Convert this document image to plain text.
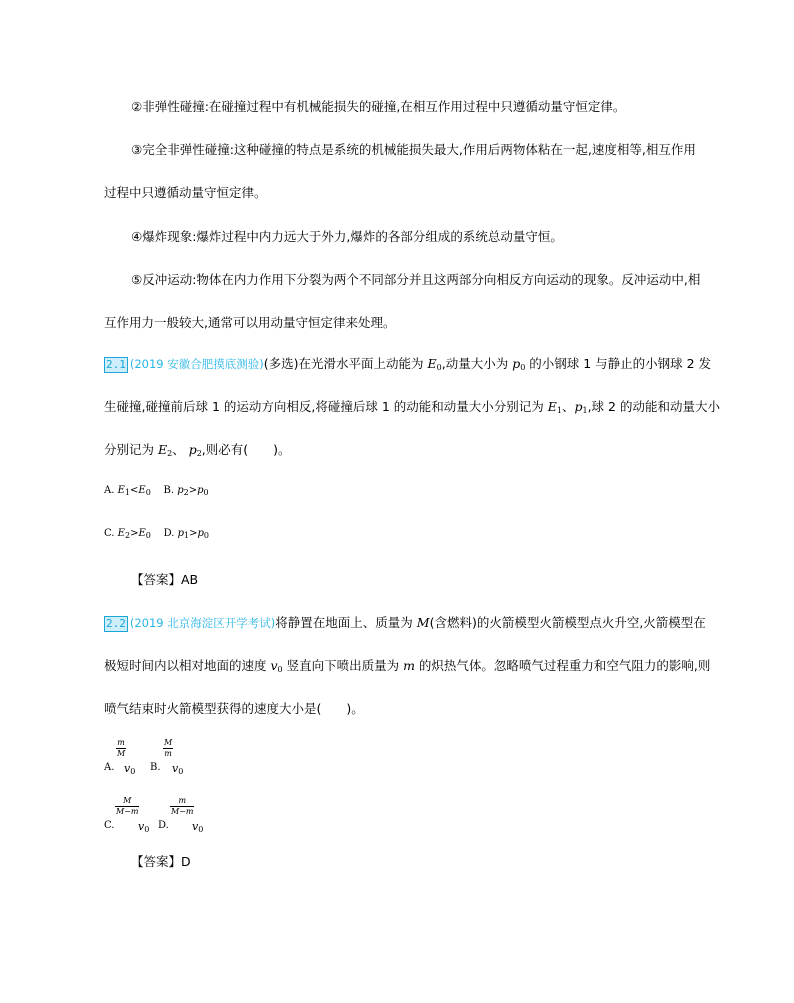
②非弹性碰撞:在碰撞过程中有机械能损失的碰撞,在相互作用过程中只遵循动量守恒定律。
③完全非弹性碰撞:这种碰撞的特点是系统的机械能损失最大,作用后两物体粘在一起,速度相等,相互作用
过程中只遵循动量守恒定律。
④爆炸现象:爆炸过程中内力远大于外力,爆炸的各部分组成的系统总动量守恒。
⑤反冲运动:物体在内力作用下分裂为两个不同部分并且这两部分向相反方向运动的现象。反冲运动中,相
互作用力一般较大,通常可以用动量守恒定律来处理。
2.1 (2019 安徽合肥摸底测验)(多选)在光滑水平面上动能为 $E_0$,动量大小为 $p_0$ 的小钢球 1 与静止的小钢球 2 发
生碰撞,碰撞前后球 1 的运动方向相反,将碰撞后球 1 的动能和动量大小分别记为 $E_1$、$p_1$,球 2 的动能和动量大小
分别记为 $E_2$、 $p_2$,则必有(　　)。
A. $E_1<E_0$ B. $p_2>p_0$
C. $E_2>E_0$ D. $p_1>p_0$
【答案】AB
2.2 (2019 北京海淀区开学考试)将静置在地面上、质量为 M(含燃料)的火箭模型火箭模型点火升空,火箭模型在
极短时间内以相对地面的速度 $v_0$ 竖直向下喷出质量为 m 的炽热气体。忽略喷气过程重力和空气阻力的影响,则
喷气结束时火箭模型获得的速度大小是(　　)。
$\frac{m}{M}$
A. $v_0$
$\frac{M}{m}$
B. $v_0$
$\frac{M}{M-m}$
C. $v_0$
$\frac{m}{M-m}$
D. $v_0$
【答案】D
